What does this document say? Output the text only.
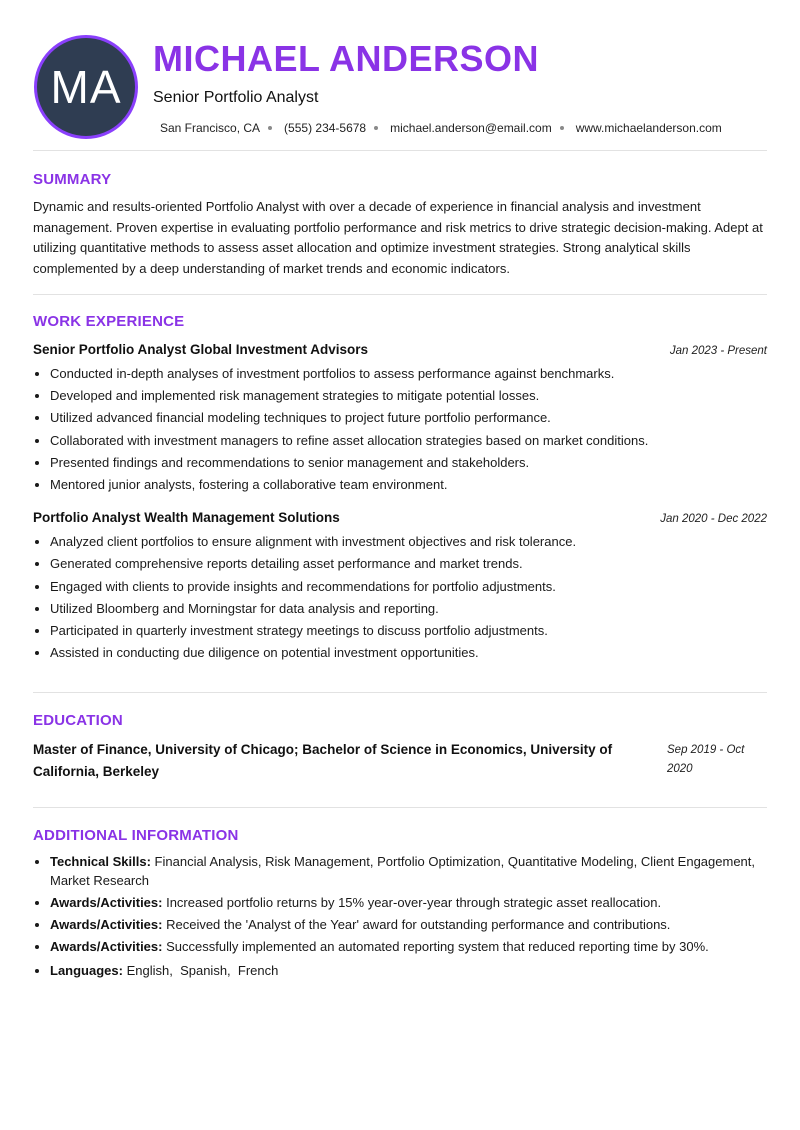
MA
MICHAEL ANDERSON
Senior Portfolio Analyst
San Francisco, CA (555) 234-5678 michael.anderson@email.com www.michaelanderson.com
SUMMARY

Dynamic and results-oriented Portfolio Analyst with over a decade of experience in financial analysis and investment management. Proven expertise in evaluating portfolio performance and risk metrics to drive strategic decision-making. Adept at utilizing quantitative methods to assess asset allocation and optimize investment strategies. Strong analytical skills complemented by a deep understanding of market trends and economic indicators.

WORK EXPERIENCE
Senior Portfolio Analyst Global Investment Advisors	Jan 2023 - Present
• Conducted in-depth analyses of investment portfolios to assess performance against benchmarks.
• Developed and implemented risk management strategies to mitigate potential losses.
• Utilized advanced financial modeling techniques to project future portfolio performance.
• Collaborated with investment managers to refine asset allocation strategies based on market conditions.
• Presented findings and recommendations to senior management and stakeholders.
• Mentored junior analysts, fostering a collaborative team environment.
Portfolio Analyst Wealth Management Solutions	Jan 2020 - Dec 2022
• Analyzed client portfolios to ensure alignment with investment objectives and risk tolerance.
• Generated comprehensive reports detailing asset performance and market trends.
• Engaged with clients to provide insights and recommendations for portfolio adjustments.
• Utilized Bloomberg and Morningstar for data analysis and reporting.
• Participated in quarterly investment strategy meetings to discuss portfolio adjustments.
• Assisted in conducting due diligence on potential investment opportunities.
EDUCATION
Master of Finance, University of Chicago; Bachelor of Science in Economics, University of California, Berkeley
Sep 2019 - Oct 2020
ADDITIONAL INFORMATION
• Technical Skills: Financial Analysis, Risk Management, Portfolio Optimization, Quantitative Modeling, Client Engagement, Market Research
• Awards/Activities: Increased portfolio returns by 15% year-over-year through strategic asset reallocation.
• Awards/Activities: Received the 'Analyst of the Year' award for outstanding performance and contributions.
• Awards/Activities: Successfully implemented an automated reporting system that reduced reporting time by 30%.
• Languages: English,  Spanish,  French
